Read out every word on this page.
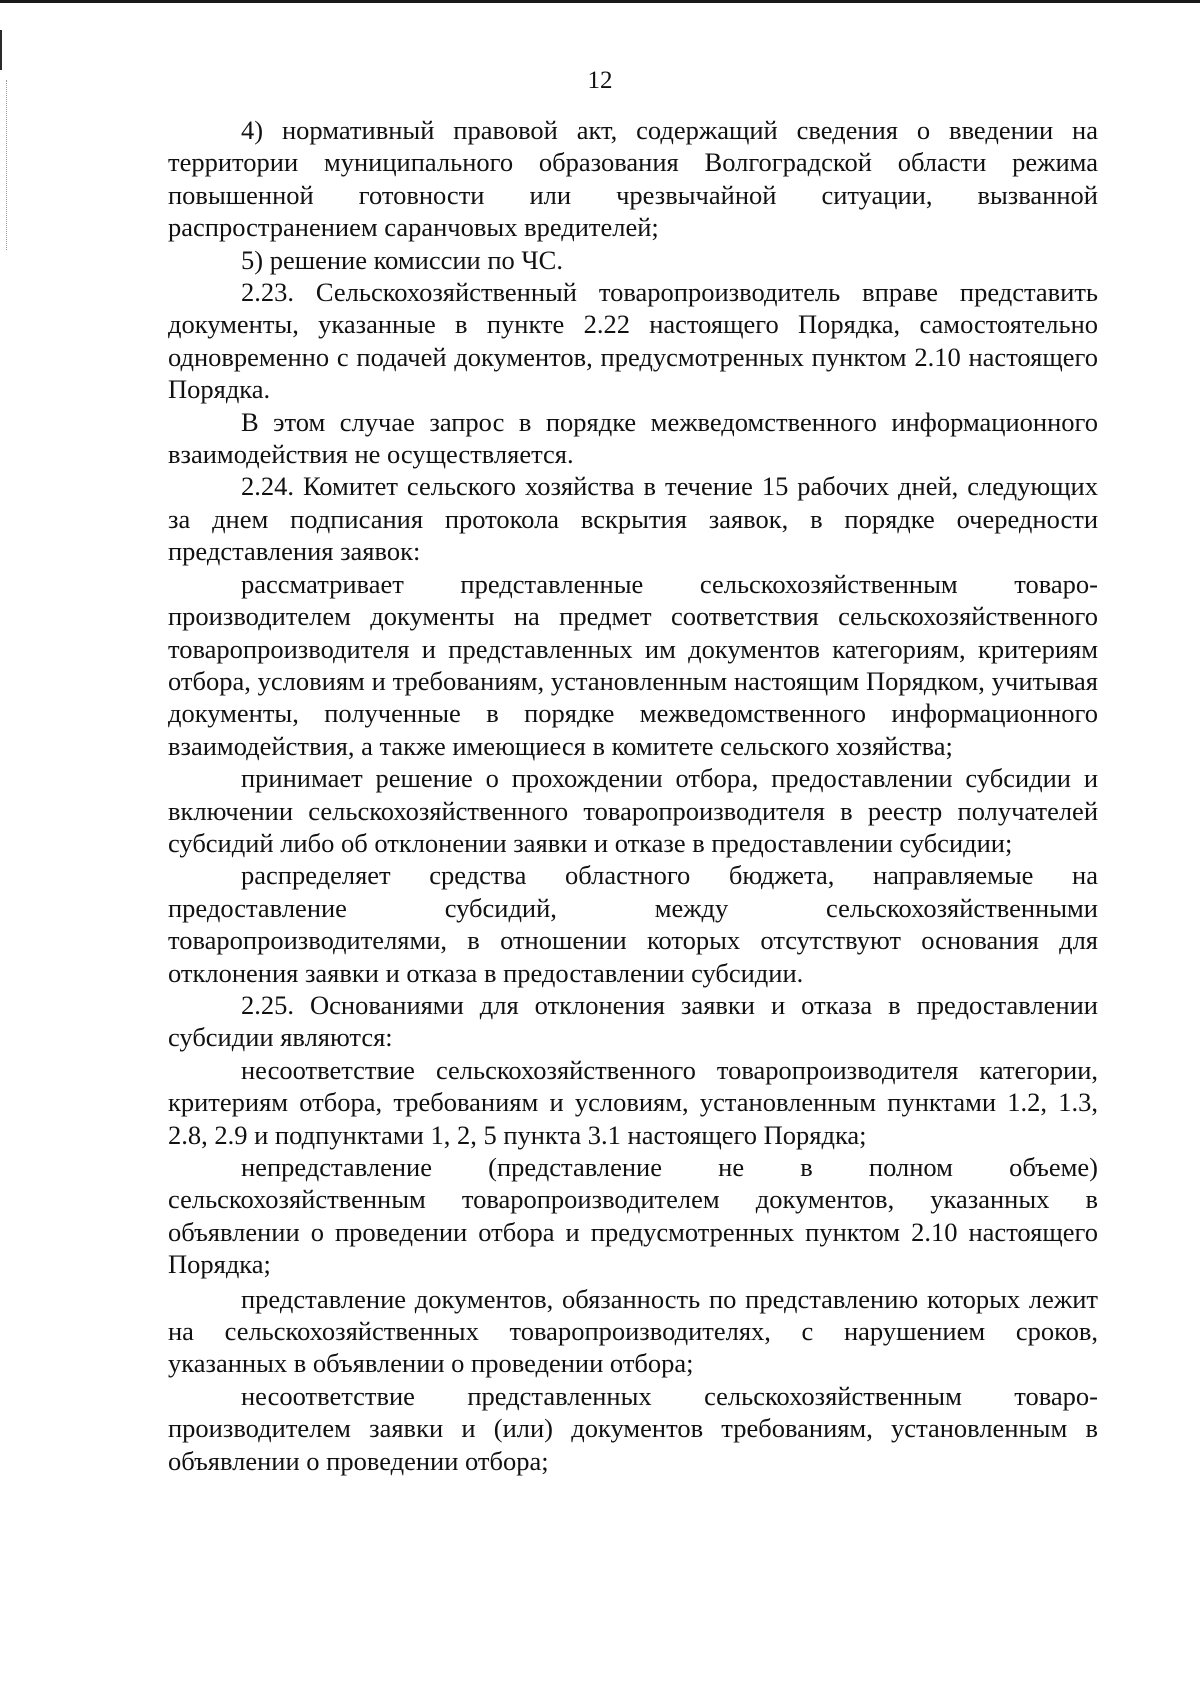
12

4) нормативный правовой акт, содержащий сведения о введении на территории муниципального образования Волгоградской области режима повышенной готовности или чрезвычайной ситуации, вызванной распространением саранчовых вредителей;

5) решение комиссии по ЧС.

2.23. Сельскохозяйственный товаропроизводитель вправе представить документы, указанные в пункте 2.22 настоящего Порядка, самостоятельно одновременно с подачей документов, предусмотренных пунктом 2.10 настоящего Порядка.

В этом случае запрос в порядке межведомственного информационного взаимодействия не осуществляется.

2.24. Комитет сельского хозяйства в течение 15 рабочих дней, следующих за днем подписания протокола вскрытия заявок, в порядке очередности представления заявок:

рассматривает представленные сельскохозяйственным товаропроизводителем документы на предмет соответствия сельскохозяйственного товаропроизводителя и представленных им документов категориям, критериям отбора, условиям и требованиям, установленным настоящим Порядком, учитывая документы, полученные в порядке межведомственного информационного взаимодействия, а также имеющиеся в комитете сельского хозяйства;

принимает решение о прохождении отбора, предоставлении субсидии и включении сельскохозяйственного товаропроизводителя в реестр получателей субсидий либо об отклонении заявки и отказе в предоставлении субсидии;

распределяет средства областного бюджета, направляемые на предоставление субсидий, между сельскохозяйственными товаропроизводителями, в отношении которых отсутствуют основания для отклонения заявки и отказа в предоставлении субсидии.

2.25. Основаниями для отклонения заявки и отказа в предоставлении субсидии являются:

несоответствие сельскохозяйственного товаропроизводителя категории, критериям отбора, требованиям и условиям, установленным пунктами 1.2, 1.3, 2.8, 2.9 и подпунктами 1, 2, 5 пункта 3.1 настоящего Порядка;

непредставление (представление не в полном объеме) сельскохозяйственным товаропроизводителем документов, указанных в объявлении о проведении отбора и предусмотренных пунктом 2.10 настоящего Порядка;

представление документов, обязанность по представлению которых лежит на сельскохозяйственных товаропроизводителях, с нарушением сроков, указанных в объявлении о проведении отбора;

несоответствие представленных сельскохозяйственным товаропроизводителем заявки и (или) документов требованиям, установленным в объявлении о проведении отбора;
